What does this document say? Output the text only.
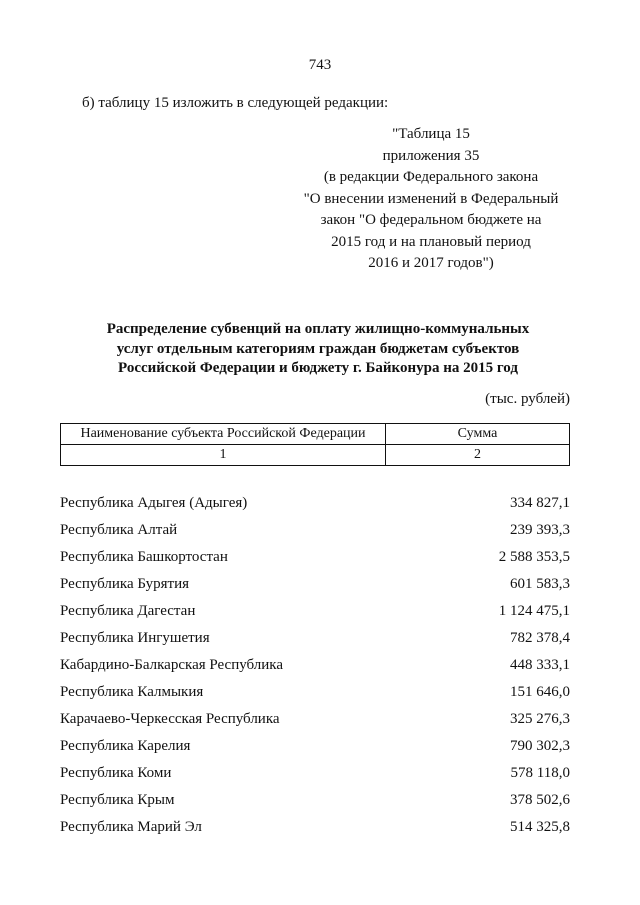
743
б) таблицу 15 изложить в следующей редакции:
"Таблица 15
приложения 35
(в редакции Федерального закона
"О внесении изменений в Федеральный
закон "О федеральном бюджете на
2015 год и на плановый период
2016 и 2017 годов")
Распределение субвенций на оплату жилищно-коммунальных
услуг отдельным категориям граждан бюджетам субъектов
Российской Федерации и бюджету г. Байконура на 2015 год
(тыс. рублей)
Наименование субъекта Российской Федерации	Сумма
1	2
Республика Адыгея (Адыгея)	334 827,1
Республика Алтай	239 393,3
Республика Башкортостан	2 588 353,5
Республика Бурятия	601 583,3
Республика Дагестан	1 124 475,1
Республика Ингушетия	782 378,4
Кабардино-Балкарская Республика	448 333,1
Республика Калмыкия	151 646,0
Карачаево-Черкесская Республика	325 276,3
Республика Карелия	790 302,3
Республика Коми	578 118,0
Республика Крым	378 502,6
Республика Марий Эл	514 325,8
